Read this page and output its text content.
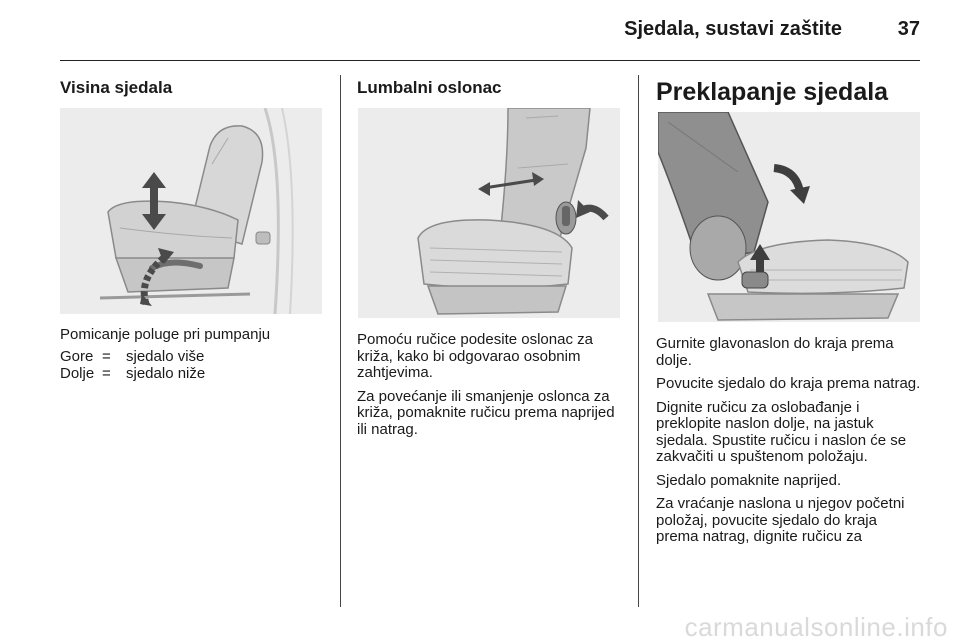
Sjedala, sustavi zaštite	37
Visina sjedala

Pomicanje poluge pri pumpanju

Gore =	sjedalo više
Dolje =	sjedalo niže
Lumbalni oslonac

Pomoću ručice podesite oslonac za križa, kako bi odgovarao osobnim zahtjevima.

Za povećanje ili smanjenje oslonca za križa, pomaknite ručicu prema naprijed ili natrag.

Preklapanje sjedala

Gurnite glavonaslon do kraja prema dolje.

Povucite sjedalo do kraja prema natrag.

Dignite ručicu za oslobađanje i preklopite naslon dolje, na jastuk sjedala. Spustite ručicu i naslon će se zakvačiti u spuštenom položaju.

Sjedalo pomaknite naprijed.

Za vraćanje naslona u njegov početni položaj, povucite sjedalo do kraja prema natrag, dignite ručicu za

carmanualsonline.info
